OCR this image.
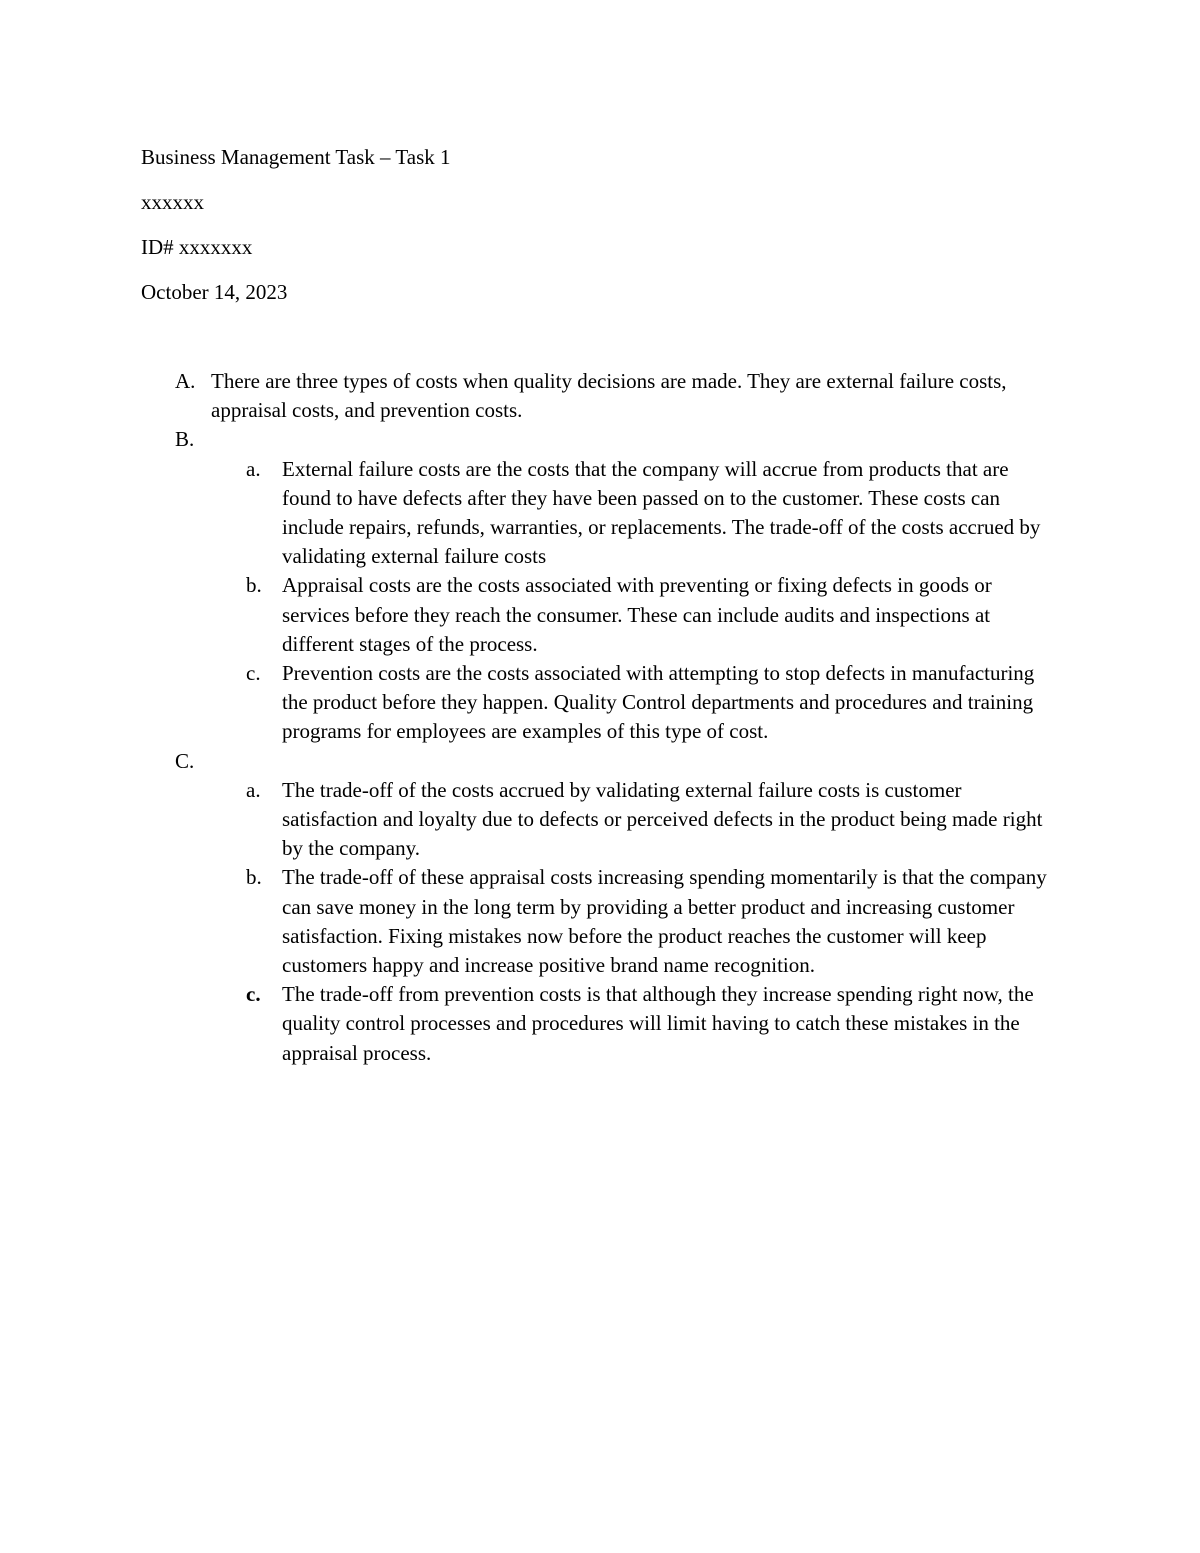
Business Management Task – Task 1
xxxxxx
ID# xxxxxxx
October 14, 2023
A. There are three types of costs when quality decisions are made. They are external failure costs, appraisal costs, and prevention costs.
B.
a. External failure costs are the costs that the company will accrue from products that are found to have defects after they have been passed on to the customer. These costs can include repairs, refunds, warranties, or replacements. The trade-off of the costs accrued by validating external failure costs
b. Appraisal costs are the costs associated with preventing or fixing defects in goods or services before they reach the consumer. These can include audits and inspections at different stages of the process.
c. Prevention costs are the costs associated with attempting to stop defects in manufacturing the product before they happen. Quality Control departments and procedures and training programs for employees are examples of this type of cost.
C.
a. The trade-off of the costs accrued by validating external failure costs is customer satisfaction and loyalty due to defects or perceived defects in the product being made right by the company.
b. The trade-off of these appraisal costs increasing spending momentarily is that the company can save money in the long term by providing a better product and increasing customer satisfaction. Fixing mistakes now before the product reaches the customer will keep customers happy and increase positive brand name recognition.
c. The trade-off from prevention costs is that although they increase spending right now, the quality control processes and procedures will limit having to catch these mistakes in the appraisal process.
